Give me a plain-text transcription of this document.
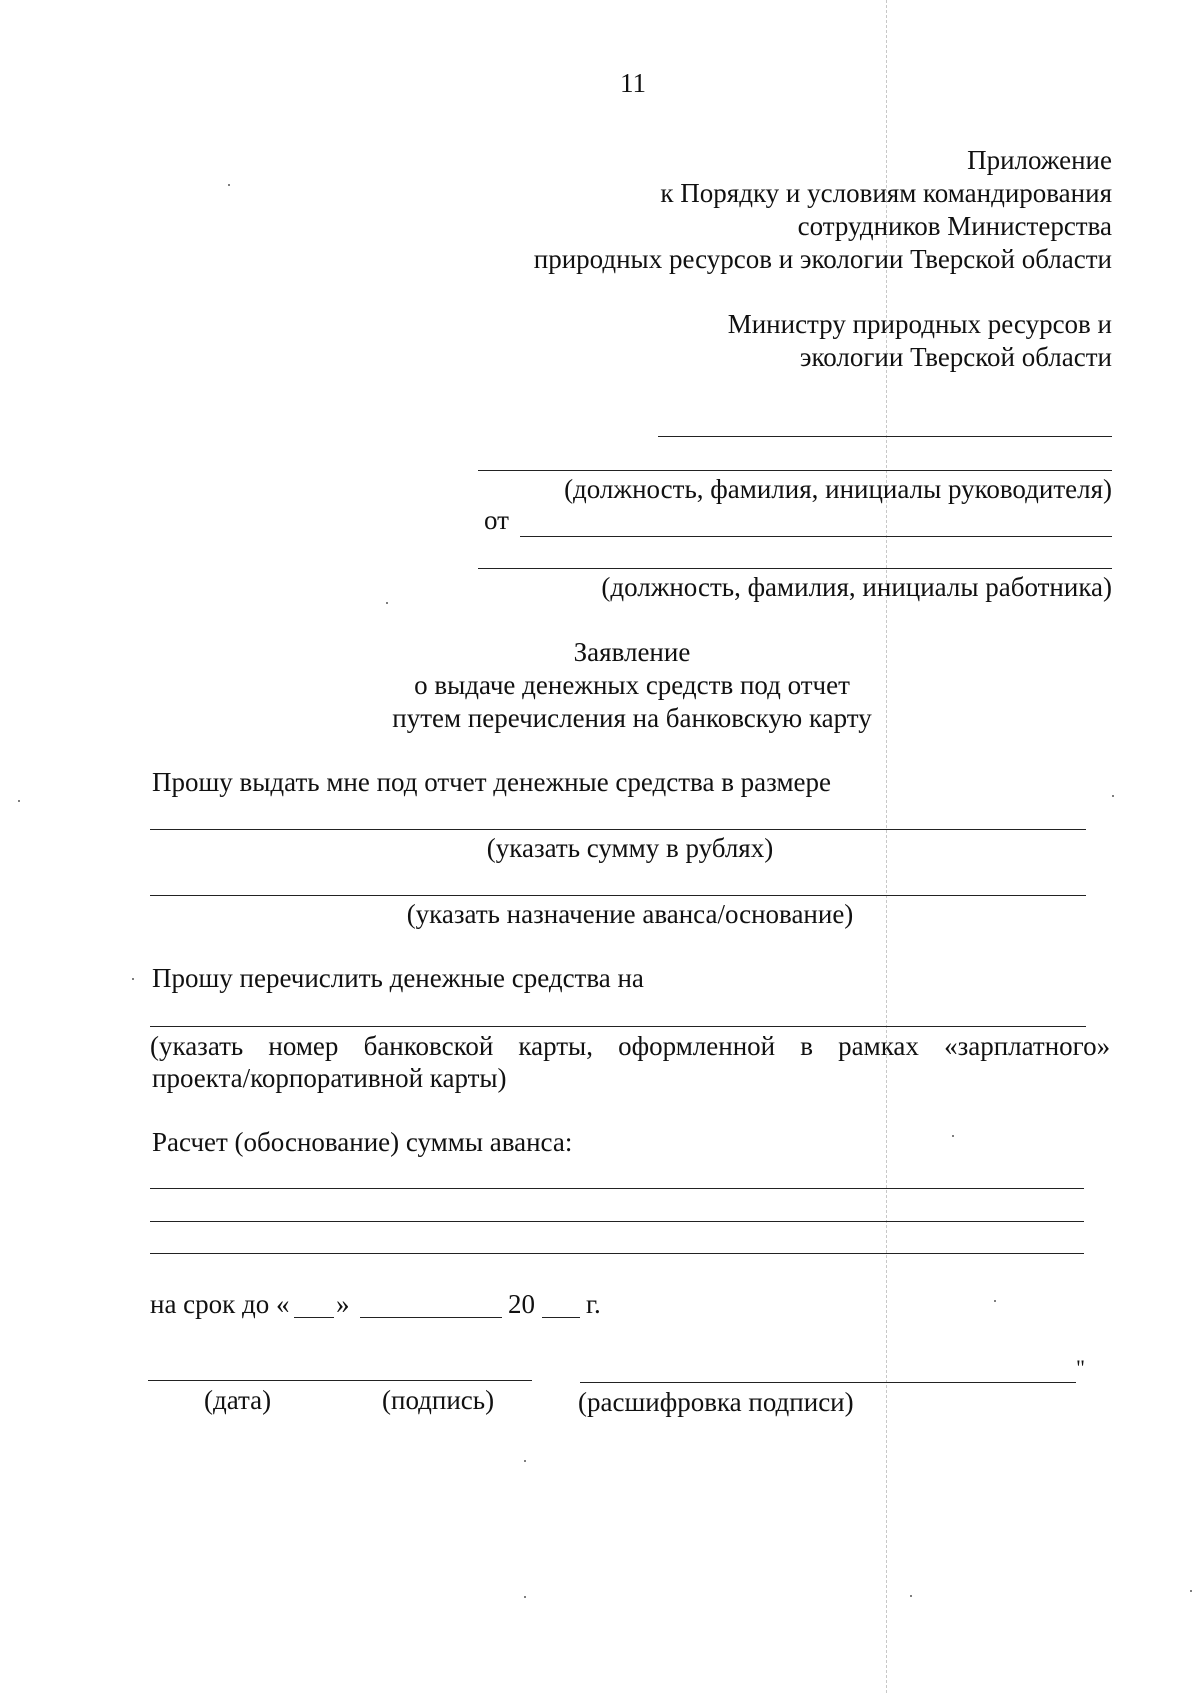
11
Приложение
к Порядку и условиям командирования
сотрудников Министерства
природных ресурсов и экологии Тверской области
Министру природных ресурсов и
экологии Тверской области
(должность, фамилия, инициалы руководителя)
от
(должность, фамилия, инициалы работника)
Заявление
о выдаче денежных средств под отчет
путем перечисления на банковскую карту
Прошу выдать мне под отчет денежные средства в размере
(указать сумму в рублях)
(указать назначение аванса/основание)
Прошу перечислить денежные средства на
(указать номер банковской карты, оформленной в рамках «зарплатного»
проекта/корпоративной карты)
Расчет (обоснование) суммы аванса:
на срок до « »	20 г.
"
(дата)	(подпись)	(расшифровка подписи)
